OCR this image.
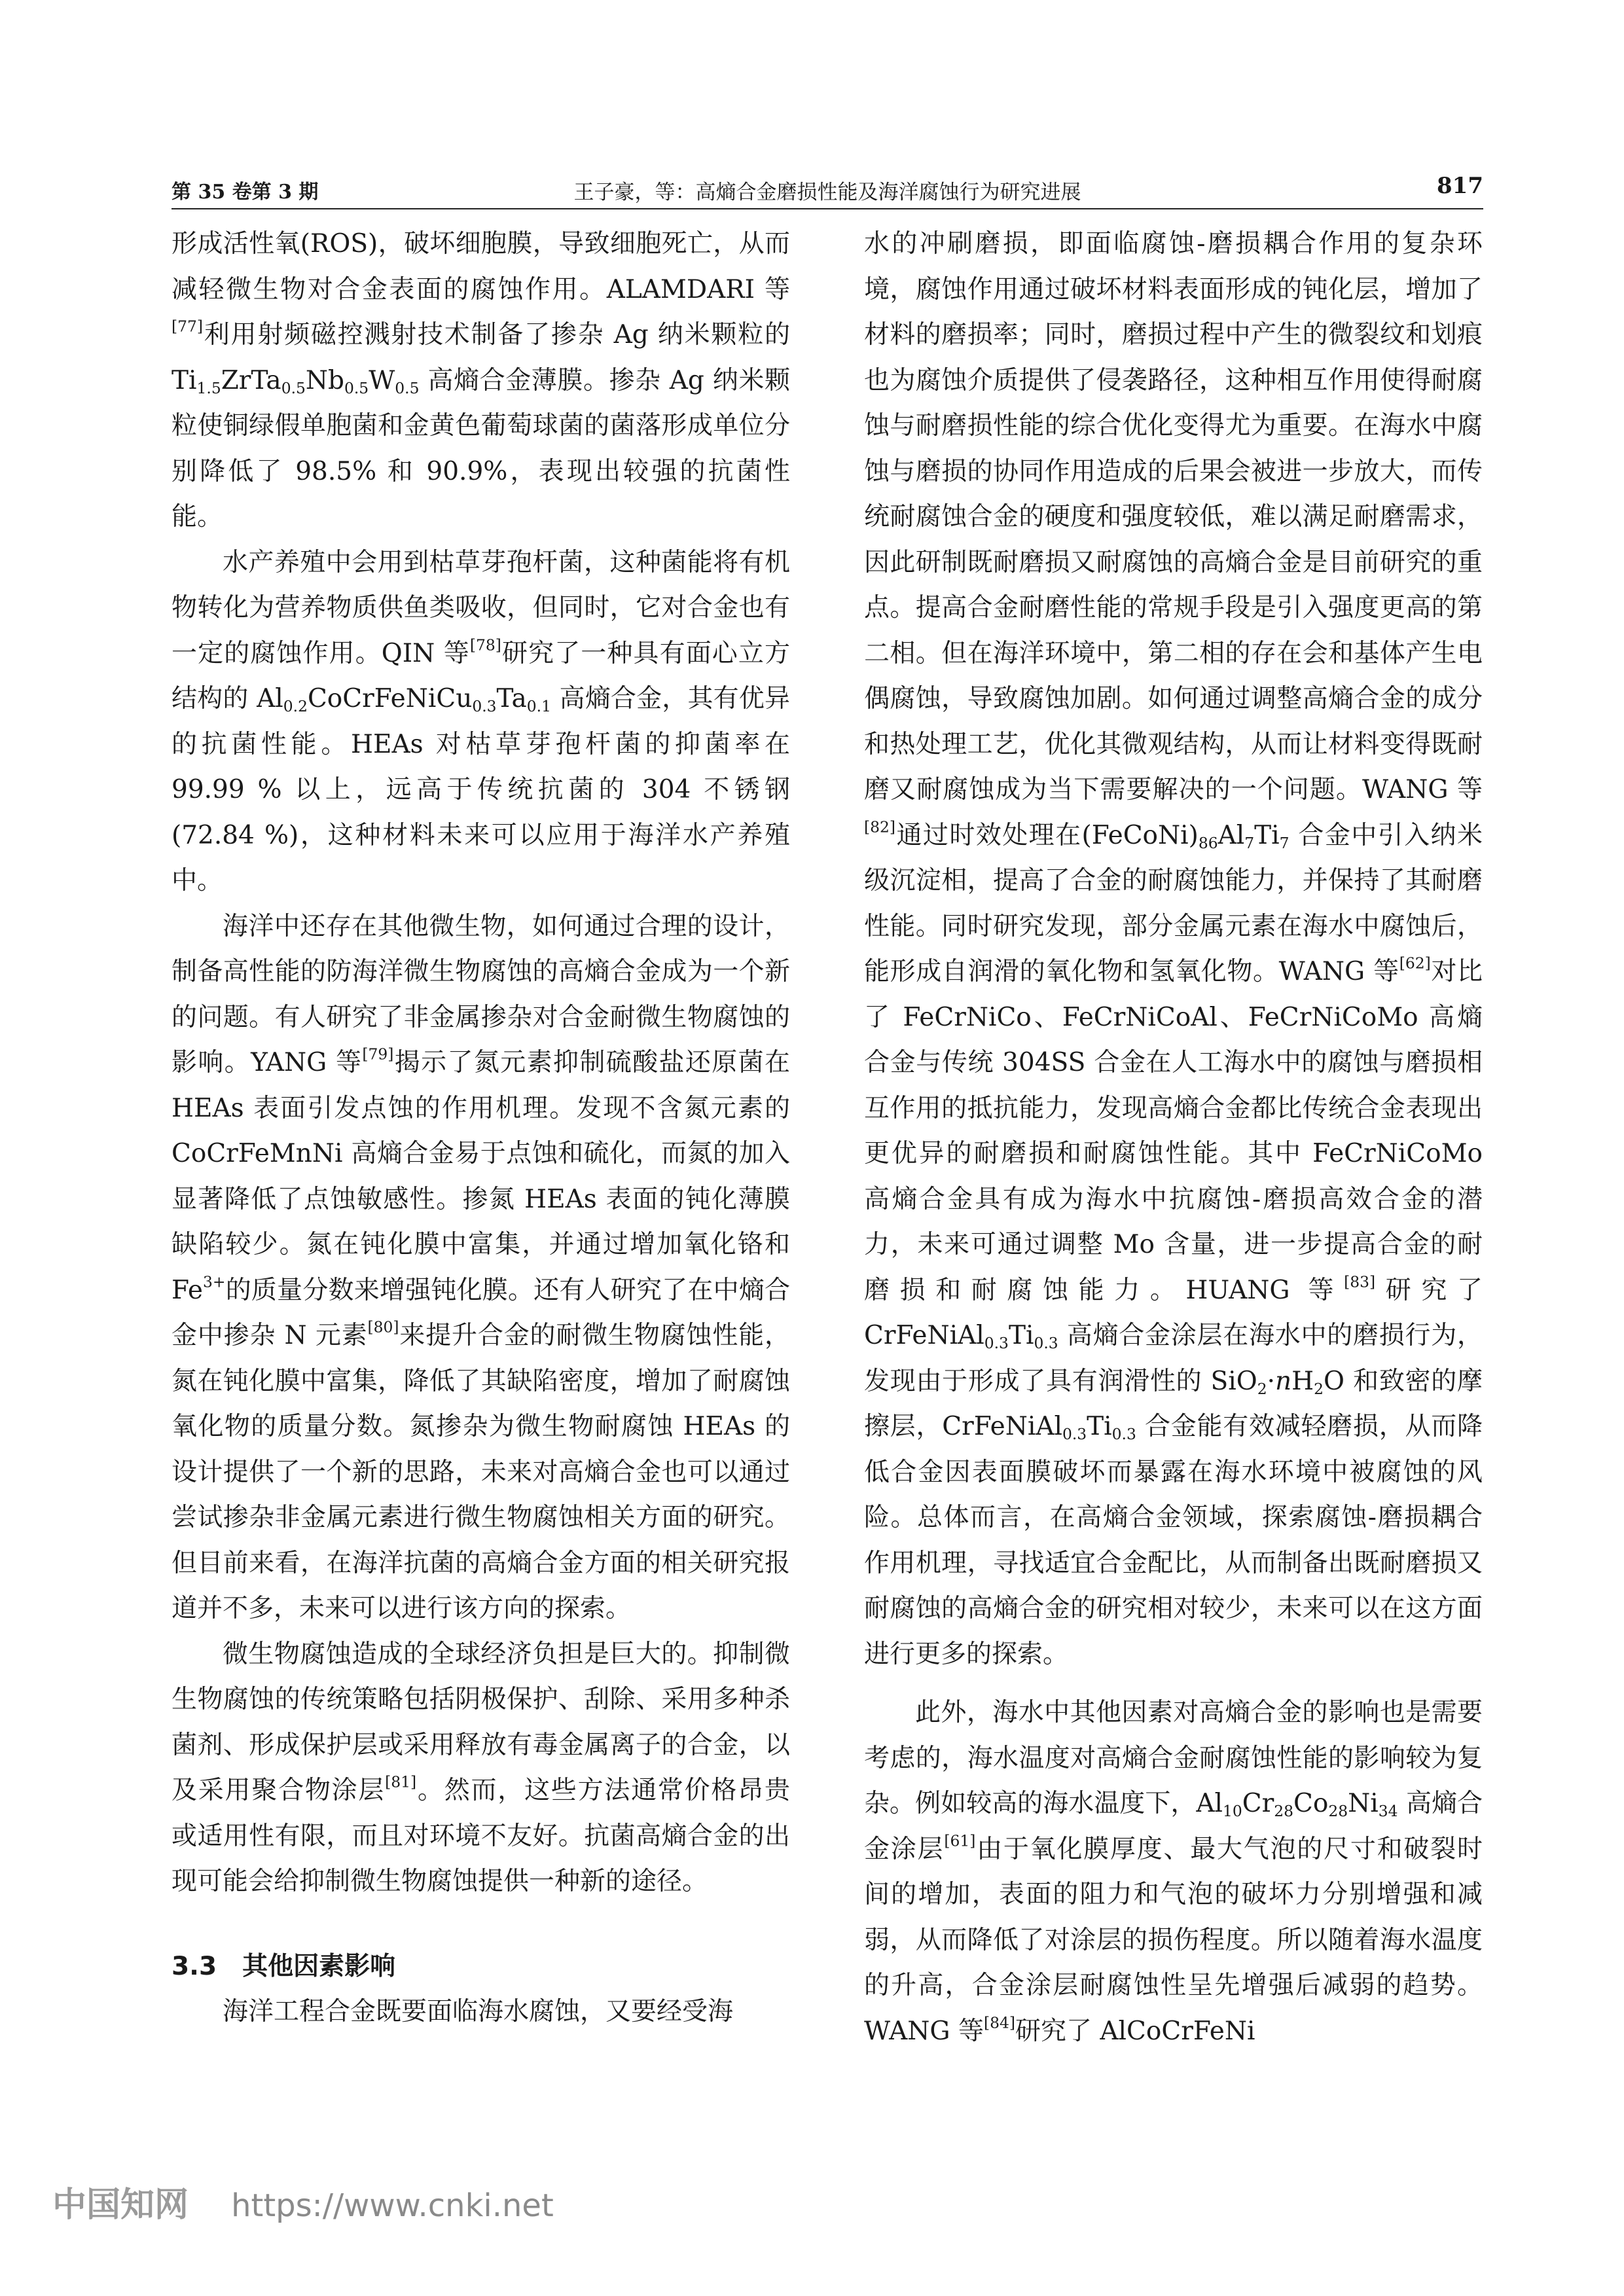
第 35 卷第 3 期	王子豪，等：高熵合金磨损性能及海洋腐蚀行为研究进展	817

形成活性氧(ROS)，破坏细胞膜，导致细胞死亡，从而减轻微生物对合金表面的腐蚀作用。ALAMDARI 等[77]利用射频磁控溅射技术制备了掺杂 Ag 纳米颗粒的 $Ti_{1.5}ZrTa_{0.5}Nb_{0.5}W_{0.5}$ 高熵合金薄膜。掺杂 Ag 纳米颗粒使铜绿假单胞菌和金黄色葡萄球菌的菌落形成单位分别降低了 98.5% 和 90.9%，表现出较强的抗菌性能。

水产养殖中会用到枯草芽孢杆菌，这种菌能将有机物转化为营养物质供鱼类吸收，但同时，它对合金也有一定的腐蚀作用。QIN 等[78]研究了一种具有面心立方结构的 $Al_{0.2}CoCrFeNiCu_{0.3}Ta_{0.1}$ 高熵合金，其有优异的抗菌性能。HEAs 对枯草芽孢杆菌的抑菌率在 99.99 % 以上，远高于传统抗菌的 304 不锈钢(72.84 %)，这种材料未来可以应用于海洋水产养殖中。

海洋中还存在其他微生物，如何通过合理的设计，制备高性能的防海洋微生物腐蚀的高熵合金成为一个新的问题。有人研究了非金属掺杂对合金耐微生物腐蚀的影响。YANG 等[79]揭示了氮元素抑制硫酸盐还原菌在 HEAs 表面引发点蚀的作用机理。发现不含氮元素的 CoCrFeMnNi 高熵合金易于点蚀和硫化，而氮的加入显著降低了点蚀敏感性。掺氮 HEAs 表面的钝化薄膜缺陷较少。氮在钝化膜中富集，并通过增加氧化铬和 $Fe^{3+}$的质量分数来增强钝化膜。还有人研究了在中熵合金中掺杂 N 元素[80]来提升合金的耐微生物腐蚀性能，氮在钝化膜中富集，降低了其缺陷密度，增加了耐腐蚀氧化物的质量分数。氮掺杂为微生物耐腐蚀 HEAs 的设计提供了一个新的思路，未来对高熵合金也可以通过尝试掺杂非金属元素进行微生物腐蚀相关方面的研究。但目前来看，在海洋抗菌的高熵合金方面的相关研究报道并不多，未来可以进行该方向的探索。

微生物腐蚀造成的全球经济负担是巨大的。抑制微生物腐蚀的传统策略包括阴极保护、刮除、采用多种杀菌剂、形成保护层或采用释放有毒金属离子的合金，以及采用聚合物涂层[81]。然而，这些方法通常价格昂贵或适用性有限，而且对环境不友好。抗菌高熵合金的出现可能会给抑制微生物腐蚀提供一种新的途径。

3.3 其他因素影响

海洋工程合金既要面临海水腐蚀，又要经受海

水的冲刷磨损，即面临腐蚀-磨损耦合作用的复杂环境，腐蚀作用通过破坏材料表面形成的钝化层，增加了材料的磨损率；同时，磨损过程中产生的微裂纹和划痕也为腐蚀介质提供了侵袭路径，这种相互作用使得耐腐蚀与耐磨损性能的综合优化变得尤为重要。在海水中腐蚀与磨损的协同作用造成的后果会被进一步放大，而传统耐腐蚀合金的硬度和强度较低，难以满足耐磨需求，因此研制既耐磨损又耐腐蚀的高熵合金是目前研究的重点。提高合金耐磨性能的常规手段是引入强度更高的第二相。但在海洋环境中，第二相的存在会和基体产生电偶腐蚀，导致腐蚀加剧。如何通过调整高熵合金的成分和热处理工艺，优化其微观结构，从而让材料变得既耐磨又耐腐蚀成为当下需要解决的一个问题。WANG 等[82]通过时效处理在$(FeCoNi)_{86}Al_7Ti_7$ 合金中引入纳米级沉淀相，提高了合金的耐腐蚀能力，并保持了其耐磨性能。同时研究发现，部分金属元素在海水中腐蚀后，能形成自润滑的氧化物和氢氧化物。WANG 等[62]对比了 FeCrNiCo、FeCrNiCoAl、FeCrNiCoMo 高熵合金与传统 304SS 合金在人工海水中的腐蚀与磨损相互作用的抵抗能力，发现高熵合金都比传统合金表现出更优异的耐磨损和耐腐蚀性能。其中 FeCrNiCoMo 高熵合金具有成为海水中抗腐蚀-磨损高效合金的潜力，未来可通过调整 Mo 含量，进一步提高合金的耐磨损和耐腐蚀能力。HUANG 等[83]研究了 $CrFeNiAl_{0.3}Ti_{0.3}$ 高熵合金涂层在海水中的磨损行为，发现由于形成了具有润滑性的 $SiO_2\cdot nH_2O$ 和致密的摩擦层，$CrFeNiAl_{0.3}Ti_{0.3}$ 合金能有效减轻磨损，从而降低合金因表面膜破坏而暴露在海水环境中被腐蚀的风险。总体而言，在高熵合金领域，探索腐蚀-磨损耦合作用机理，寻找适宜合金配比，从而制备出既耐磨损又耐腐蚀的高熵合金的研究相对较少，未来可以在这方面进行更多的探索。

此外，海水中其他因素对高熵合金的影响也是需要考虑的，海水温度对高熵合金耐腐蚀性能的影响较为复杂。例如较高的海水温度下，$Al_{10}Cr_{28}Co_{28}Ni_{34}$ 高熵合金涂层[61]由于氧化膜厚度、最大气泡的尺寸和破裂时间的增加，表面的阻力和气泡的破坏力分别增强和减弱，从而降低了对涂层的损伤程度。所以随着海水温度的升高，合金涂层耐腐蚀性呈先增强后减弱的趋势。WANG 等[84]研究了 AlCoCrFeNi

中国知网 https://www.cnki.net
